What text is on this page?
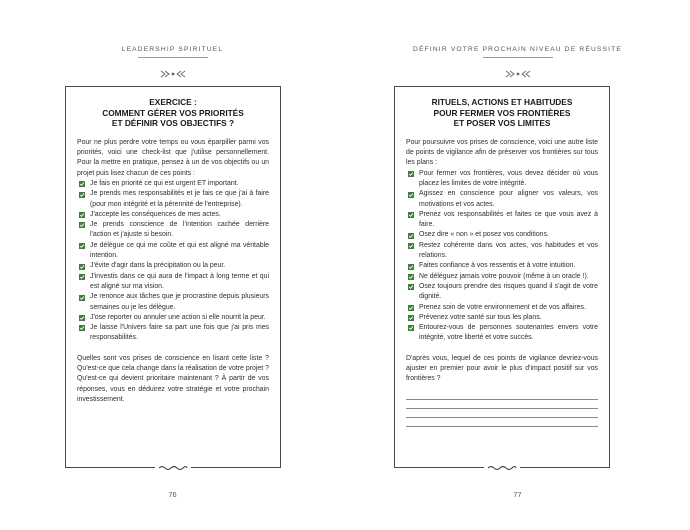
LEADERSHIP SPIRITUEL
EXERCICE :
COMMENT GÉRER VOS PRIORITÉS
ET DÉFINIR VOS OBJECTIFS ?

Pour ne plus perdre votre temps ou vous éparpiller parmi vos priorités, voici une check-list que j'utilise personnellement. Pour la mettre en pratique, pensez à un de vos objectifs ou un projet puis lisez chacun de ces points :

Je fais en priorité ce qui est urgent ET important.
Je prends mes responsabilités et je fais ce que j'ai à faire (pour mon intégrité et la pérennité de l'entreprise).
J'accepte les conséquences de mes actes.
Je prends conscience de l'intention cachée derrière l'action et j'ajuste si besoin.
Je délègue ce qui me coûte et qui est aligné ma véritable intention.
J'évite d'agir dans la précipitation ou la peur.
J'investis dans ce qui aura de l'impact à long terme et qui est aligné sur ma vision.
Je renonce aux tâches que je procrastine depuis plusieurs semaines ou je les délègue.
J'ose reporter ou annuler une action si elle nourrit la peur.
Je laisse l'Univers faire sa part une fois que j'ai pris mes responsabilités.

Quelles sont vos prises de conscience en lisant cette liste ? Qu'est-ce que cela change dans la réalisation de votre projet ? Qu'est-ce qui devient prioritaire maintenant ? À partir de vos réponses, vous en déduirez votre stratégie et votre prochain investissement.

76
DÉFINIR VOTRE PROCHAIN NIVEAU DE RÉUSSITE
RITUELS, ACTIONS ET HABITUDES
POUR FERMER VOS FRONTIÈRES
ET POSER VOS LIMITES

Pour poursuivre vos prises de conscience, voici une autre liste de points de vigilance afin de préserver vos frontières sur tous les plans :

Pour fermer vos frontières, vous devez décider où vous placez les limites de votre intégrité.
Agissez en conscience pour aligner vos valeurs, vos motivations et vos actes.
Prenez vos responsabilités et faites ce que vous avez à faire.
Osez dire « non » et posez vos conditions.
Restez cohérente dans vos actes, vos habitudes et vos relations.
Faites confiance à vos ressentis et à votre intuition.
Ne déléguez jamais votre pouvoir (même à un oracle !).
Osez toujours prendre des risques quand il s'agit de votre dignité.
Prenez soin de votre environnement et de vos affaires.
Prévenez votre santé sur tous les plans.
Entourez-vous de personnes soutenantes envers votre intégrité, votre liberté et votre succès.

D'après vous, lequel de ces points de vigilance devriez-vous ajuster en premier pour avoir le plus d'impact positif sur vos frontières ?

77
